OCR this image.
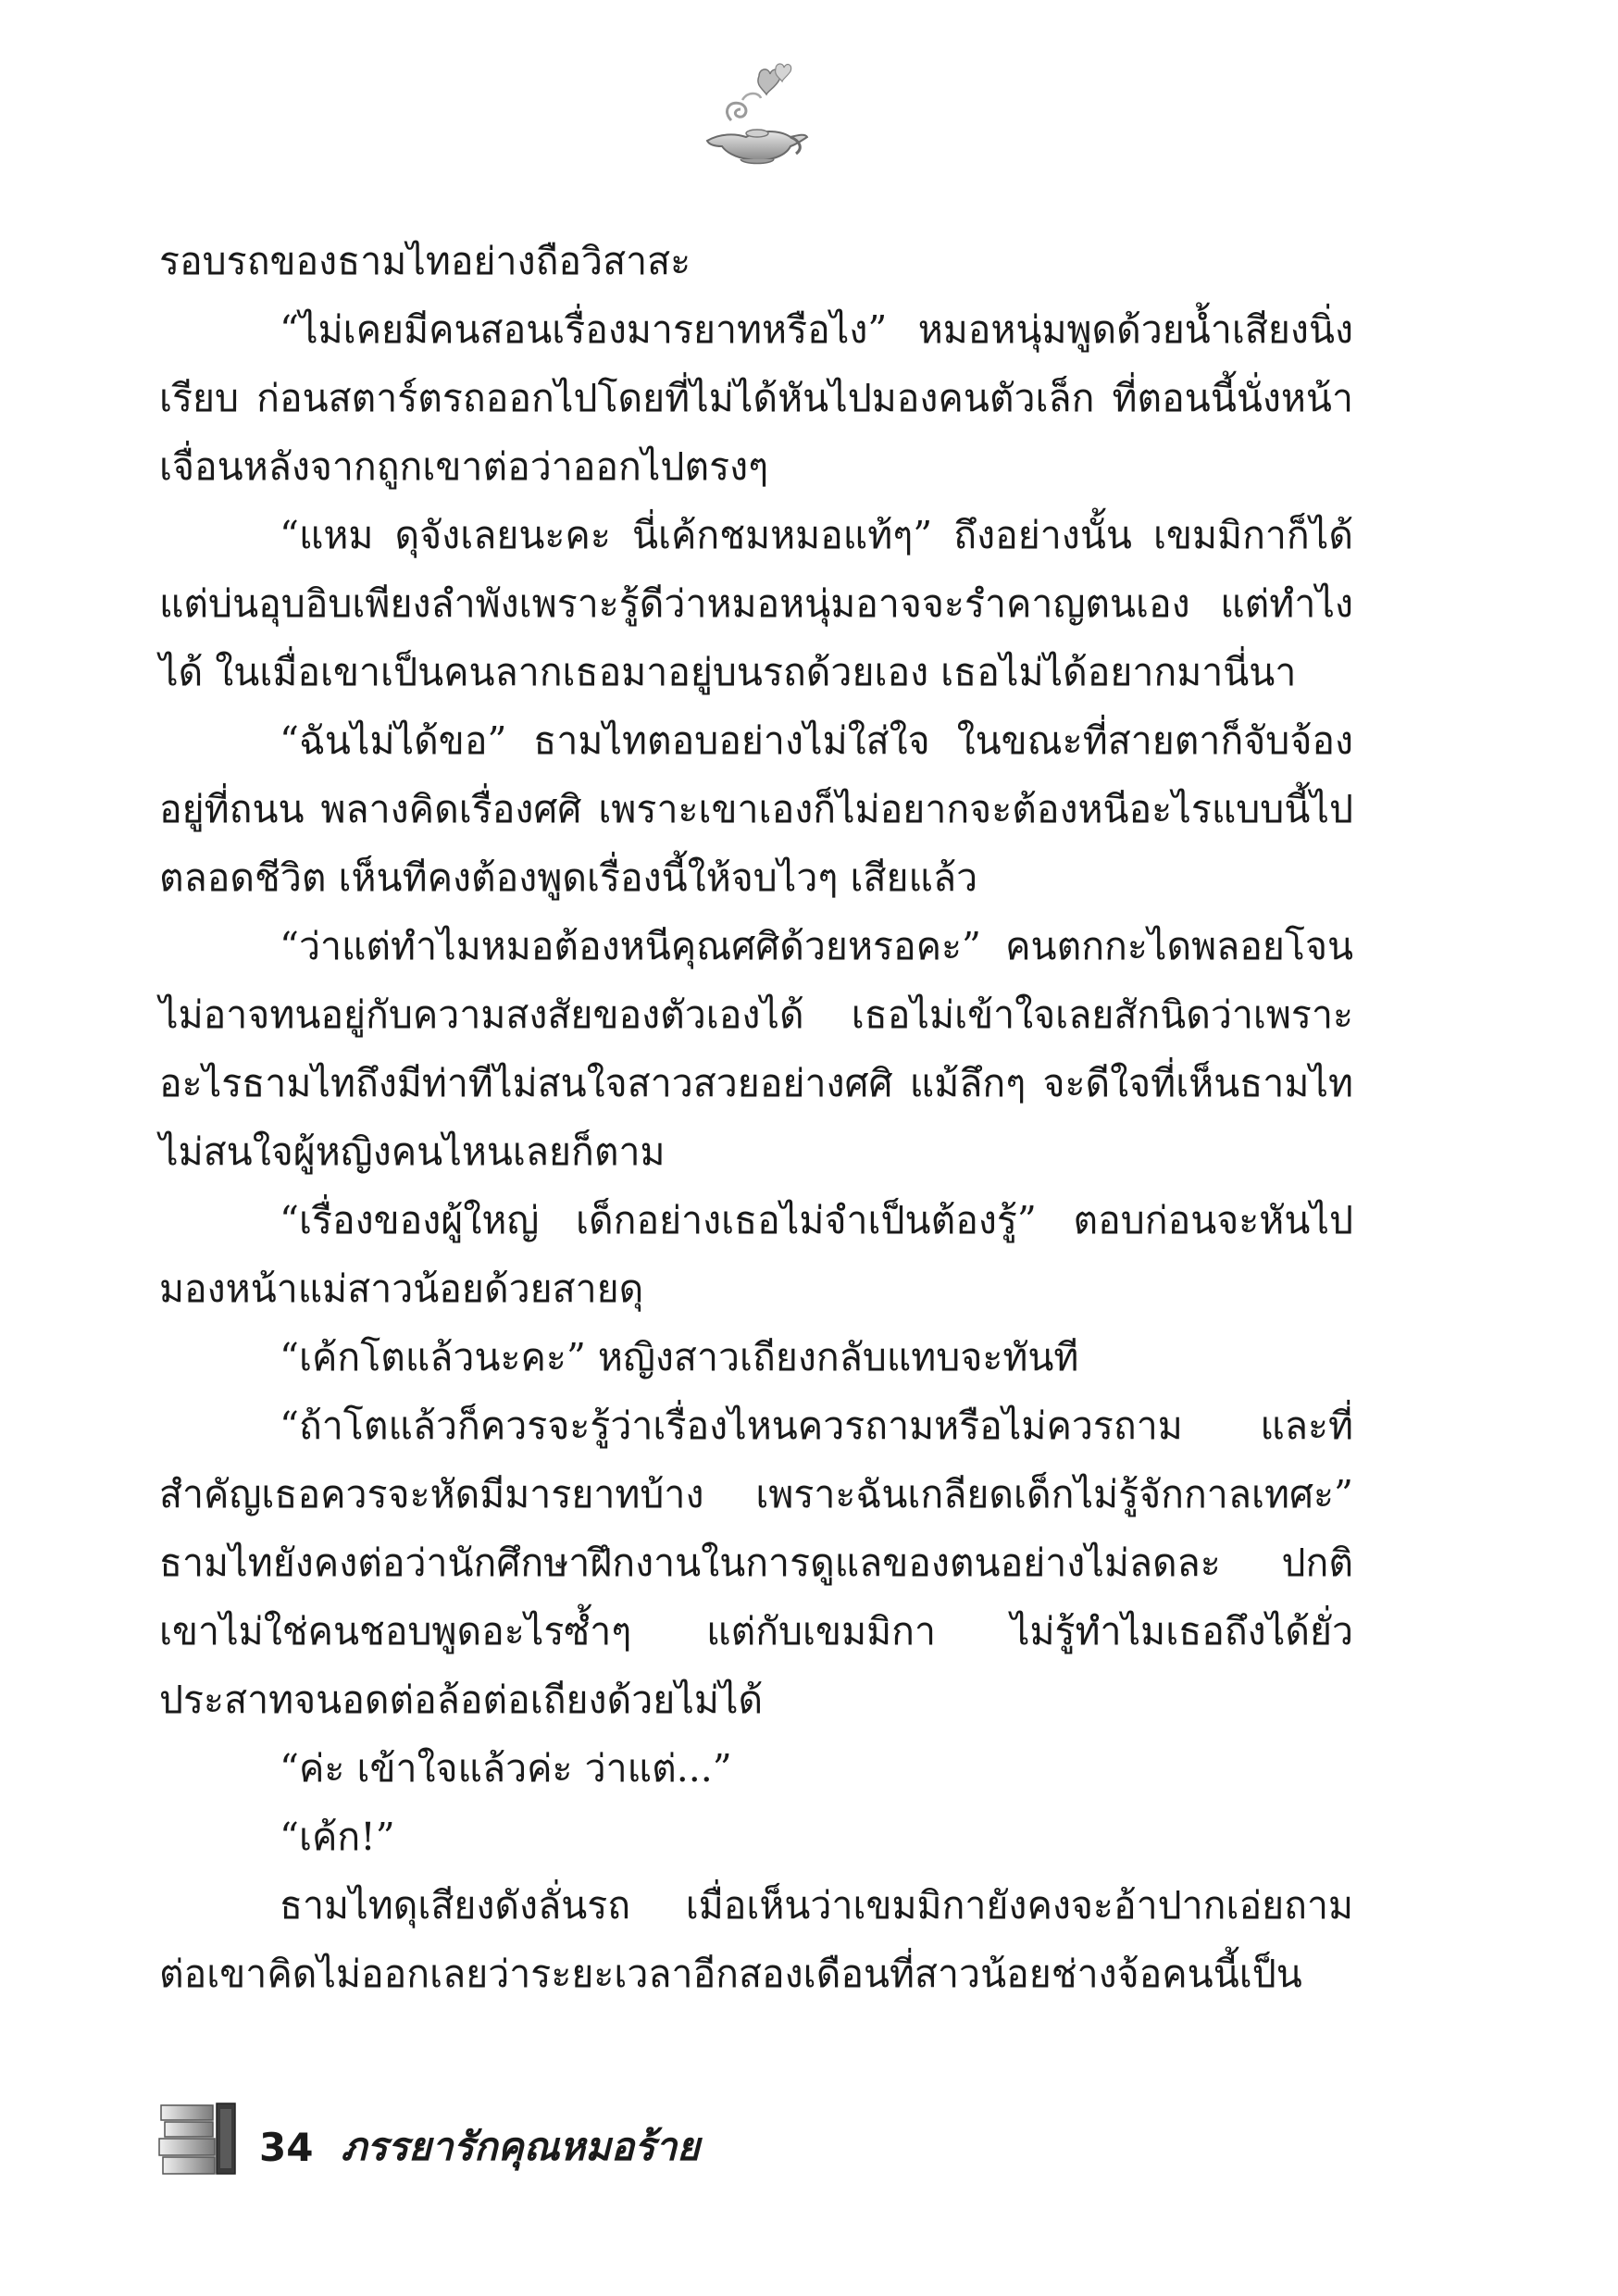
รอบรถของธามไทอย่างถือวิสาสะ

“ไม่เคยมีคนสอนเรื่องมารยาทหรือไง” หมอหนุ่มพูดด้วยน้ำเสียงนิ่งเรียบ ก่อนสตาร์ตรถออกไปโดยที่ไม่ได้หันไปมองคนตัวเล็ก ที่ตอนนี้นั่งหน้าเจื่อนหลังจากถูกเขาต่อว่าออกไปตรงๆ

“แหม ดุจังเลยนะคะ นี่เค้กชมหมอแท้ๆ” ถึงอย่างนั้น เขมมิกาก็ได้แต่บ่นอุบอิบเพียงลำพังเพราะรู้ดีว่าหมอหนุ่มอาจจะรำคาญตนเอง แต่ทำไงได้ ในเมื่อเขาเป็นคนลากเธอมาอยู่บนรถด้วยเอง เธอไม่ได้อยากมานี่นา

“ฉันไม่ได้ขอ” ธามไทตอบอย่างไม่ใส่ใจ ในขณะที่สายตาก็จับจ้องอยู่ที่ถนน พลางคิดเรื่องศศิ เพราะเขาเองก็ไม่อยากจะต้องหนีอะไรแบบนี้ไปตลอดชีวิต เห็นทีคงต้องพูดเรื่องนี้ให้จบไวๆ เสียแล้ว

“ว่าแต่ทำไมหมอต้องหนีคุณศศิด้วยหรอคะ” คนตกกะไดพลอยโจนไม่อาจทนอยู่กับความสงสัยของตัวเองได้ เธอไม่เข้าใจเลยสักนิดว่าเพราะอะไรธามไทถึงมีท่าทีไม่สนใจสาวสวยอย่างศศิ แม้ลึกๆ จะดีใจที่เห็นธามไทไม่สนใจผู้หญิงคนไหนเลยก็ตาม

“เรื่องของผู้ใหญ่ เด็กอย่างเธอไม่จำเป็นต้องรู้” ตอบก่อนจะหันไปมองหน้าแม่สาวน้อยด้วยสายดุ

“เค้กโตแล้วนะคะ” หญิงสาวเถียงกลับแทบจะทันที

“ถ้าโตแล้วก็ควรจะรู้ว่าเรื่องไหนควรถามหรือไม่ควรถาม และที่สำคัญเธอควรจะหัดมีมารยาทบ้าง เพราะฉันเกลียดเด็กไม่รู้จักกาลเทศะ” ธามไทยังคงต่อว่านักศึกษาฝึกงานในการดูแลของตนอย่างไม่ลดละ ปกติเขาไม่ใช่คนชอบพูดอะไรซ้ำๆ แต่กับเขมมิกา ไม่รู้ทำไมเธอถึงได้ยั่วประสาทจนอดต่อล้อต่อเถียงด้วยไม่ได้

“ค่ะ เข้าใจแล้วค่ะ ว่าแต่...”

“เค้ก!”

ธามไทดุเสียงดังลั่นรถ เมื่อเห็นว่าเขมมิกายังคงจะอ้าปากเอ่ยถามต่อเขาคิดไม่ออกเลยว่าระยะเวลาอีกสองเดือนที่สาวน้อยช่างจ้อคนนี้เป็น

34 ภรรยารักคุณหมอร้าย
